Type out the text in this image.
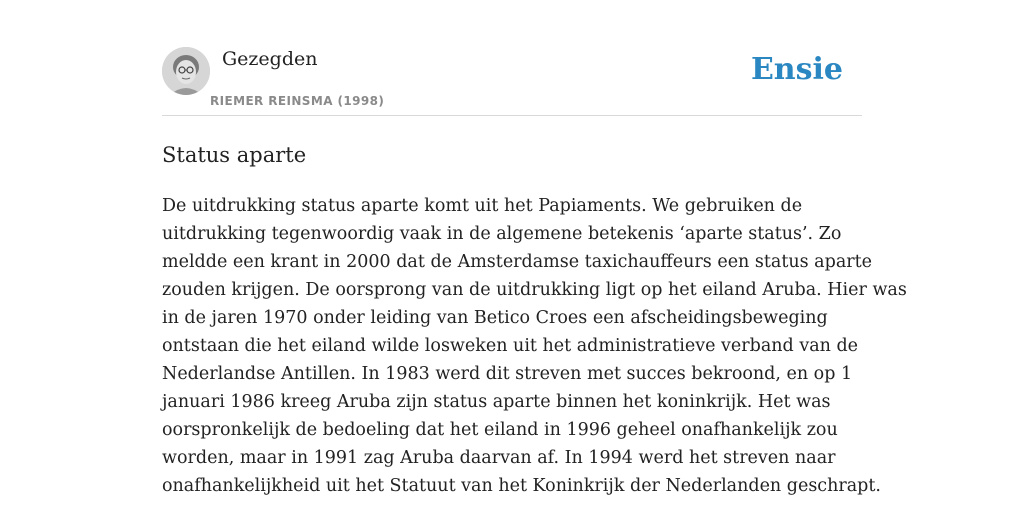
Gezegden
RIEMER REINSMA (1998)
Ensie
Status aparte

De uitdrukking status aparte komt uit het Papiaments. We gebruiken de
uitdrukking tegenwoordig vaak in de algemene betekenis ‘aparte status’. Zo
meldde een krant in 2000 dat de Amsterdamse taxichauffeurs een status aparte
zouden krijgen. De oorsprong van de uitdrukking ligt op het eiland Aruba. Hier was
in de jaren 1970 onder leiding van Betico Croes een afscheidingsbeweging
ontstaan die het eiland wilde losweken uit het administratieve verband van de
Nederlandse Antillen. In 1983 werd dit streven met succes bekroond, en op 1
januari 1986 kreeg Aruba zijn status aparte binnen het koninkrijk. Het was
oorspronkelijk de bedoeling dat het eiland in 1996 geheel onafhankelijk zou
worden, maar in 1991 zag Aruba daarvan af. In 1994 werd het streven naar
onafhankelijkheid uit het Statuut van het Koninkrijk der Nederlanden geschrapt.
